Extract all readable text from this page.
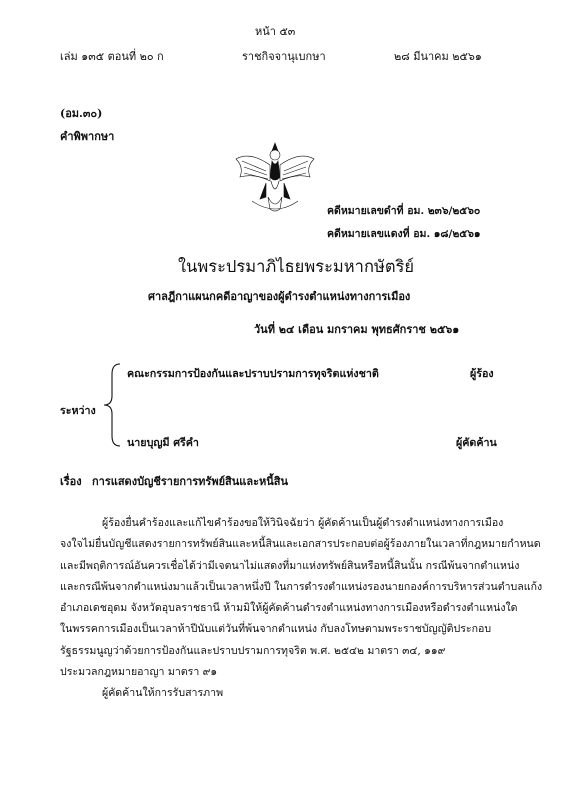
หน้า ๕๓
เล่ม ๑๓๕ ตอนที่ ๒๐ ก	ราชกิจจานุเบกษา	๒๘ มีนาคม ๒๕๖๑
(อม.๓๐)
คำพิพากษา
คดีหมายเลขดำที่ อม. ๒๓๖/๒๕๖๐
คดีหมายเลขแดงที่ อม. ๑๘/๒๕๖๑
ในพระปรมาภิไธยพระมหากษัตริย์
ศาลฎีกาแผนกคดีอาญาของผู้ดำรงตำแหน่งทางการเมือง
วันที่ ๒๔ เดือน มกราคม พุทธศักราช ๒๕๖๑
คณะกรรมการป้องกันและปราบปรามการทุจริตแห่งชาติ	ผู้ร้อง
ระหว่าง
นายบุญมี ศรีคำ	ผู้คัดค้าน
เรื่อง การแสดงบัญชีรายการทรัพย์สินและหนี้สิน
ผู้ร้องยื่นคำร้องและแก้ไขคำร้องขอให้วินิจฉัยว่า ผู้คัดค้านเป็นผู้ดำรงตำแหน่งทางการเมือง
จงใจไม่ยื่นบัญชีแสดงรายการทรัพย์สินและหนี้สินและเอกสารประกอบต่อผู้ร้องภายในเวลาที่กฎหมายกำหนด
และมีพฤติการณ์อันควรเชื่อได้ว่ามีเจตนาไม่แสดงที่มาแห่งทรัพย์สินหรือหนี้สินนั้น กรณีพ้นจากตำแหน่ง
และกรณีพ้นจากตำแหน่งมาแล้วเป็นเวลาหนึ่งปี ในการดำรงตำแหน่งรองนายกองค์การบริหารส่วนตำบลแก้ง
อำเภอเดชอุดม จังหวัดอุบลราชธานี ห้ามมิให้ผู้คัดค้านดำรงตำแหน่งทางการเมืองหรือดำรงตำแหน่งใด
ในพรรคการเมืองเป็นเวลาห้าปีนับแต่วันที่พ้นจากตำแหน่ง กับลงโทษตามพระราชบัญญัติประกอบ
รัฐธรรมนูญว่าด้วยการป้องกันและปราบปรามการทุจริต พ.ศ. ๒๕๔๒ มาตรา ๓๔, ๑๑๙
ประมวลกฎหมายอาญา มาตรา ๙๑
ผู้คัดค้านให้การรับสารภาพ
